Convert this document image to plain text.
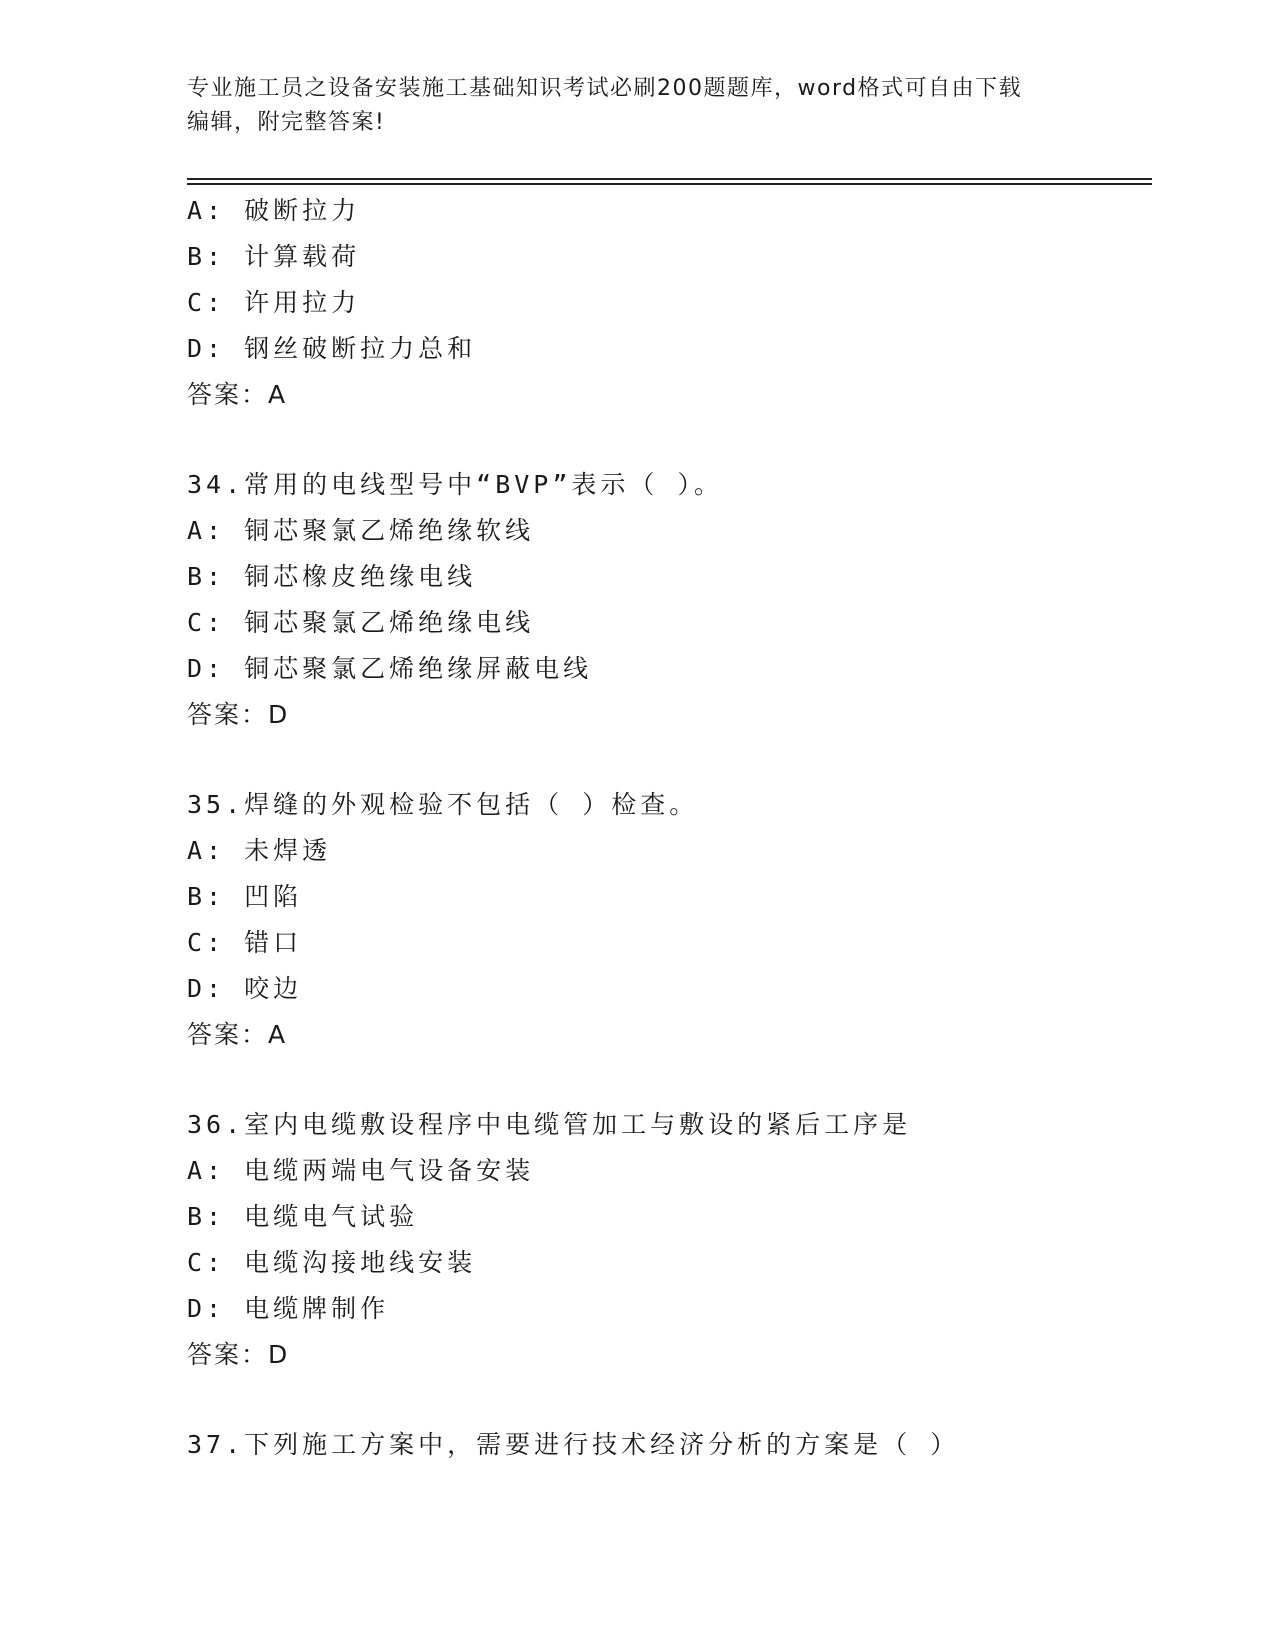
专业施工员之设备安装施工基础知识考试必刷200题题库，word格式可自由下载
编辑，附完整答案!
A: 破断拉力
B: 计算载荷
C: 许用拉力
D: 钢丝破断拉力总和
答案：A
34.常用的电线型号中“BVP”表示（ ）。
A: 铜芯聚氯乙烯绝缘软线
B: 铜芯橡皮绝缘电线
C: 铜芯聚氯乙烯绝缘电线
D: 铜芯聚氯乙烯绝缘屏蔽电线
答案：D
35.焊缝的外观检验不包括（ ）检查。
A: 未焊透
B: 凹陷
C: 错口
D: 咬边
答案：A
36.室内电缆敷设程序中电缆管加工与敷设的紧后工序是
A: 电缆两端电气设备安装
B: 电缆电气试验
C: 电缆沟接地线安装
D: 电缆牌制作
答案：D
37.下列施工方案中，需要进行技术经济分析的方案是（ ）
